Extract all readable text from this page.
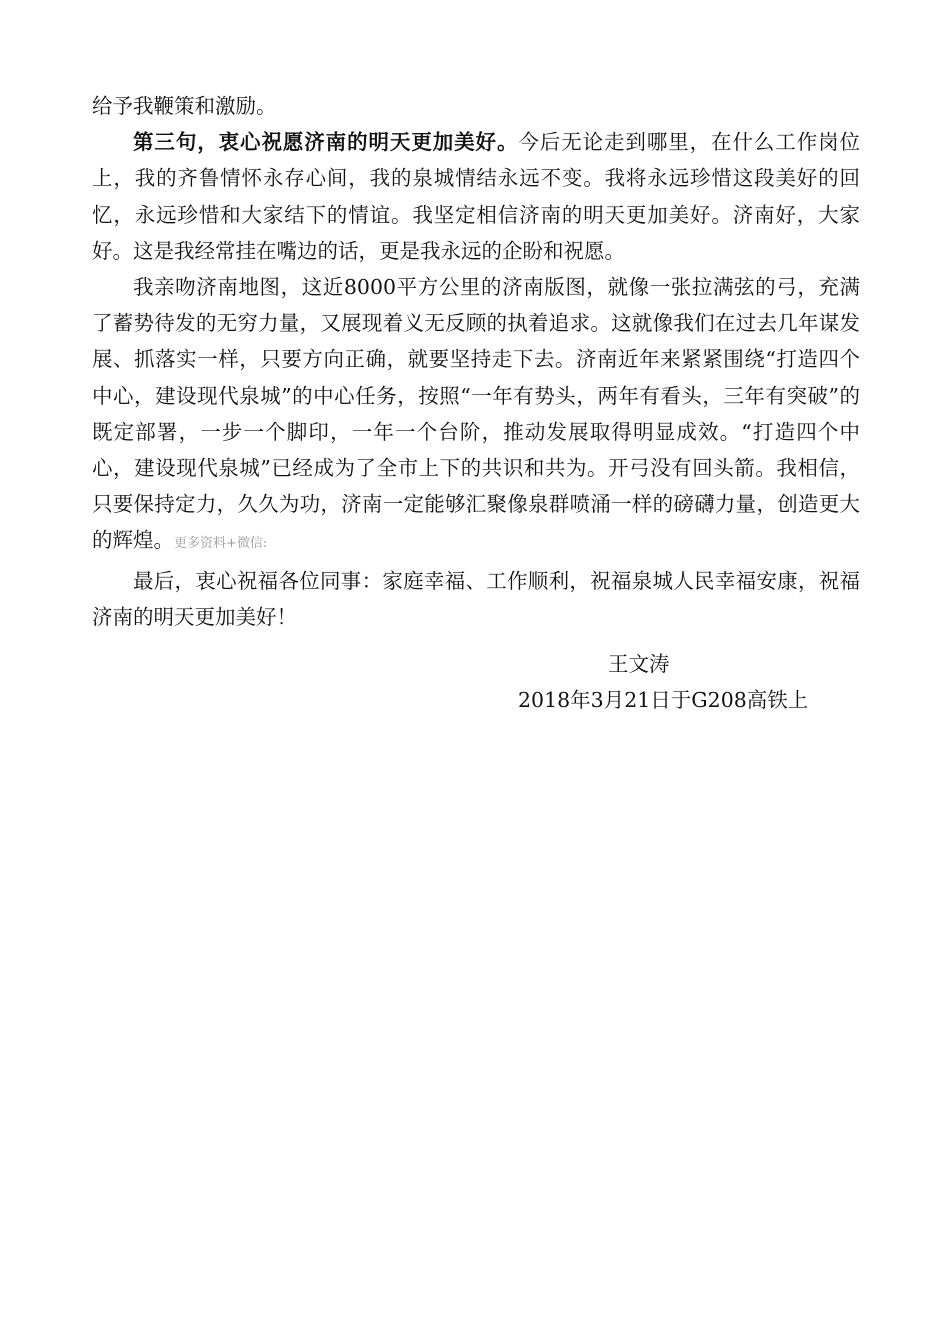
给予我鞭策和激励。

第三句，衷心祝愿济南的明天更加美好。今后无论走到哪里，在什么工作岗位上，我的齐鲁情怀永存心间，我的泉城情结永远不变。我将永远珍惜这段美好的回忆，永远珍惜和大家结下的情谊。我坚定相信济南的明天更加美好。济南好，大家好。这是我经常挂在嘴边的话，更是我永远的企盼和祝愿。

我亲吻济南地图，这近8000平方公里的济南版图，就像一张拉满弦的弓，充满了蓄势待发的无穷力量，又展现着义无反顾的执着追求。这就像我们在过去几年谋发展、抓落实一样，只要方向正确，就要坚持走下去。济南近年来紧紧围绕“打造四个中心，建设现代泉城”的中心任务，按照“一年有势头，两年有看头，三年有突破”的既定部署，一步一个脚印，一年一个台阶，推动发展取得明显成效。“打造四个中心，建设现代泉城”已经成为了全市上下的共识和共为。开弓没有回头箭。我相信，只要保持定力，久久为功，济南一定能够汇聚像泉群喷涌一样的磅礴力量，创造更大的辉煌。更多资料+微信:

最后，衷心祝福各位同事：家庭幸福、工作顺利，祝福泉城人民幸福安康，祝福济南的明天更加美好！

王文涛
2018年3月21日于G208高铁上
